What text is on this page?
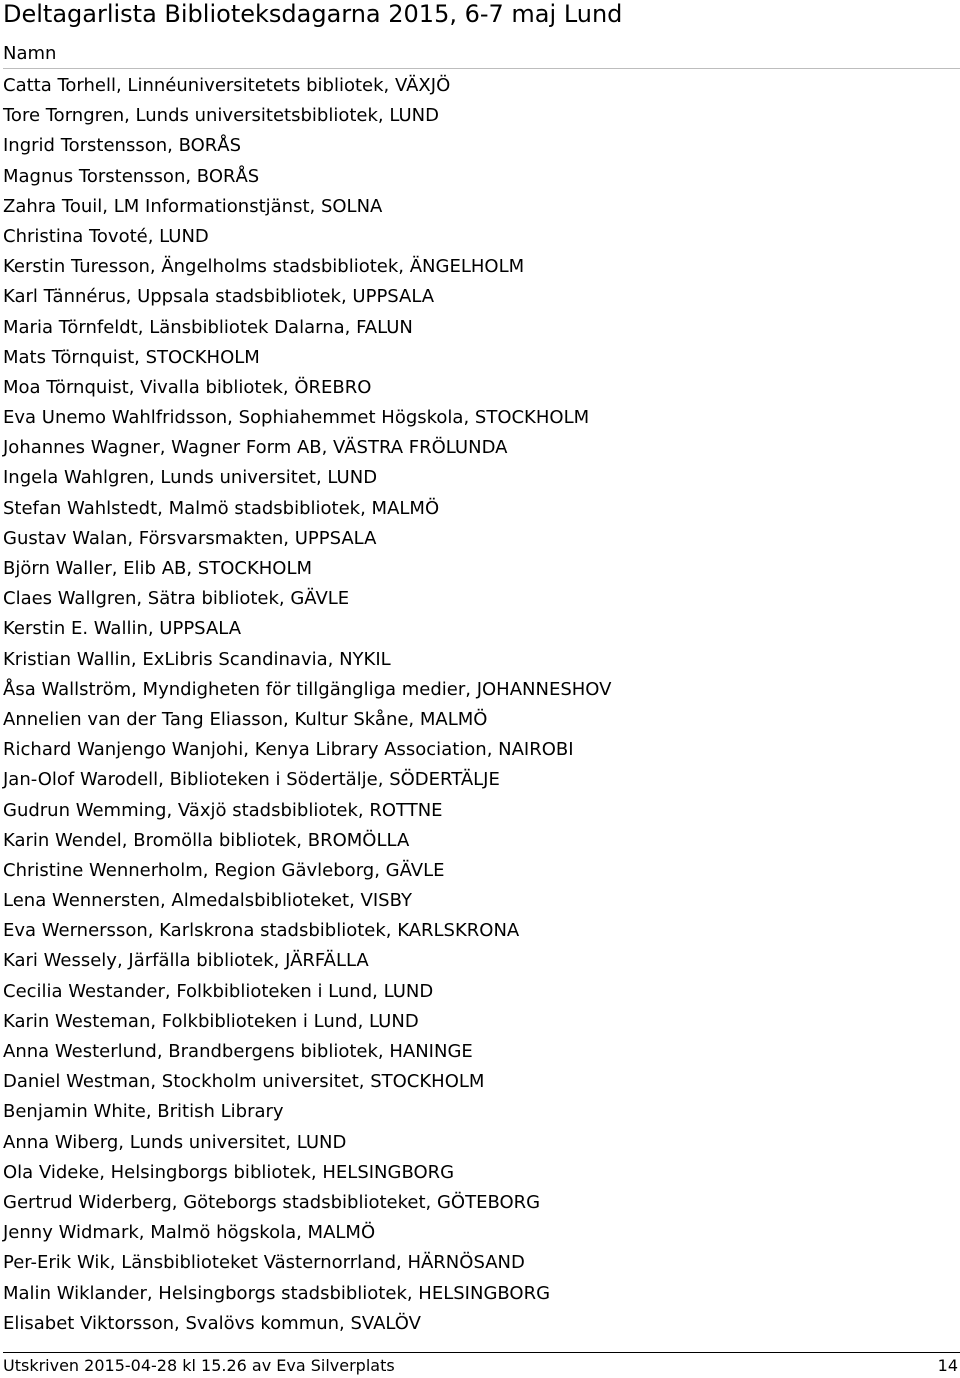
Deltagarlista Biblioteksdagarna 2015, 6-7 maj Lund
Namn
Catta Torhell, Linnéuniversitetets bibliotek, VÄXJÖ
Tore Torngren, Lunds universitetsbibliotek, LUND
Ingrid Torstensson, BORÅS
Magnus Torstensson, BORÅS
Zahra Touil, LM Informationstjänst, SOLNA
Christina Tovoté, LUND
Kerstin Turesson, Ängelholms stadsbibliotek, ÄNGELHOLM
Karl Tännérus, Uppsala stadsbibliotek, UPPSALA
Maria Törnfeldt, Länsbibliotek Dalarna, FALUN
Mats Törnquist, STOCKHOLM
Moa Törnquist, Vivalla bibliotek, ÖREBRO
Eva Unemo Wahlfridsson, Sophiahemmet Högskola, STOCKHOLM
Johannes Wagner, Wagner Form AB, VÄSTRA FRÖLUNDA
Ingela Wahlgren, Lunds universitet, LUND
Stefan Wahlstedt, Malmö stadsbibliotek, MALMÖ
Gustav Walan, Försvarsmakten, UPPSALA
Björn Waller, Elib AB, STOCKHOLM
Claes Wallgren, Sätra bibliotek, GÄVLE
Kerstin E. Wallin, UPPSALA
Kristian Wallin, ExLibris Scandinavia, NYKIL
Åsa Wallström, Myndigheten för tillgängliga medier, JOHANNESHOV
Annelien van der Tang Eliasson, Kultur Skåne, MALMÖ
Richard Wanjengo Wanjohi, Kenya Library Association, NAIROBI
Jan-Olof Warodell, Biblioteken i Södertälje, SÖDERTÄLJE
Gudrun Wemming, Växjö stadsbibliotek, ROTTNE
Karin Wendel, Bromölla bibliotek, BROMÖLLA
Christine Wennerholm, Region Gävleborg, GÄVLE
Lena Wennersten, Almedalsbiblioteket, VISBY
Eva Wernersson, Karlskrona stadsbibliotek, KARLSKRONA
Kari Wessely, Järfälla bibliotek, JÄRFÄLLA
Cecilia Westander, Folkbiblioteken i Lund, LUND
Karin Westeman, Folkbiblioteken i Lund, LUND
Anna Westerlund, Brandbergens bibliotek, HANINGE
Daniel Westman, Stockholm universitet, STOCKHOLM
Benjamin White, British Library
Anna Wiberg, Lunds universitet, LUND
Ola Videke, Helsingborgs bibliotek, HELSINGBORG
Gertrud Widerberg, Göteborgs stadsbiblioteket, GÖTEBORG
Jenny Widmark, Malmö högskola, MALMÖ
Per-Erik Wik, Länsbiblioteket Västernorrland, HÄRNÖSAND
Malin Wiklander, Helsingborgs stadsbibliotek, HELSINGBORG
Elisabet Viktorsson, Svalövs kommun, SVALÖV
Utskriven 2015-04-28 kl 15.26 av Eva Silverplats	14
